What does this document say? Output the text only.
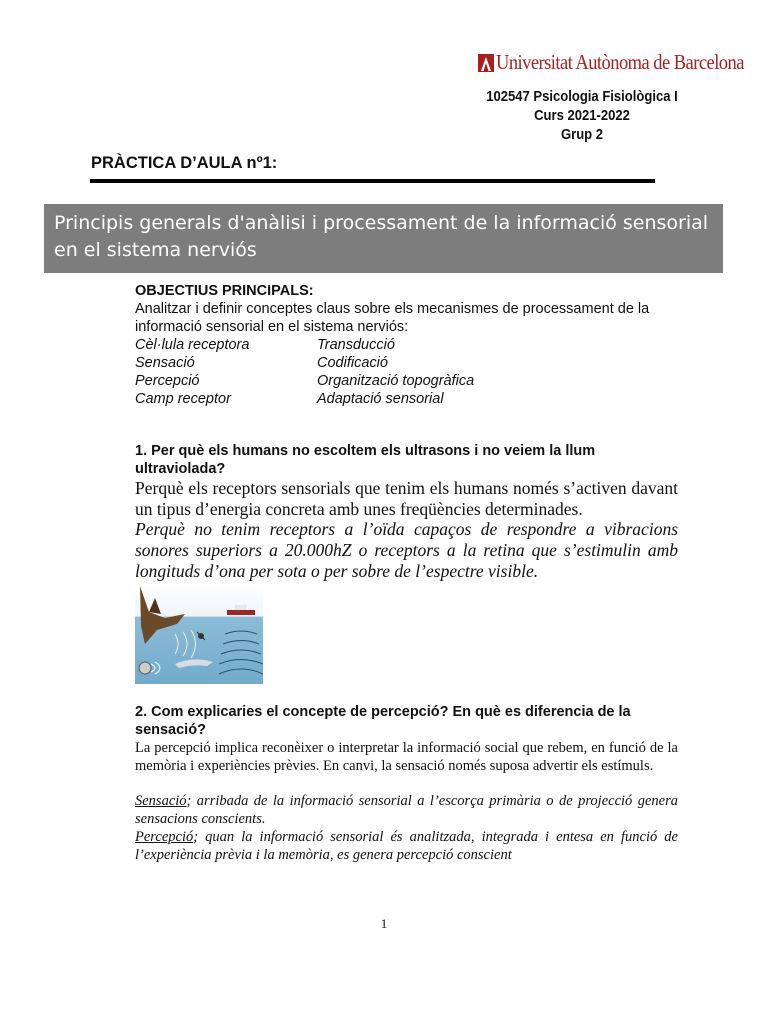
Universitat Autònoma de Barcelona
102547 Psicologia Fisiològica I
Curs 2021-2022
Grup 2
PRÀCTICA D’AULA nº1:
Principis generals d'anàlisi i processament de la informació sensorial
en el sistema nerviós
OBJECTIUS PRINCIPALS:
Analitzar i definir conceptes claus sobre els mecanismes de processament de la informació sensorial en el sistema nerviós:
Cèl·lula receptora	Transducció
Sensació	Codificació
Percepció	Organització topogràfica
Camp receptor	Adaptació sensorial
1. Per què els humans no escoltem els ultrasons i no veiem la llum ultraviolada?
Perquè els receptors sensorials que tenim els humans només s’activen davant un tipus d’energia concreta amb unes freqüències determinades.
Perquè no tenim receptors a l’oïda capaços de respondre a vibracions sonores superiors a 20.000hZ o receptors a la retina que s’estimulin amb longituds d’ona per sota o per sobre de l’espectre visible.
2. Com explicaries el concepte de percepció? En què es diferencia de la sensació?
La percepció implica reconèixer o interpretar la informació social que rebem, en funció de la memòria i experiències prèvies. En canvi, la sensació només suposa advertir els estímuls.
Sensació; arribada de la informació sensorial a l’escorça primària o de projecció genera sensacions conscients.
Percepció; quan la informació sensorial és analitzada, integrada i entesa en funció de l’experiència prèvia i la memòria, es genera percepció conscient
1
